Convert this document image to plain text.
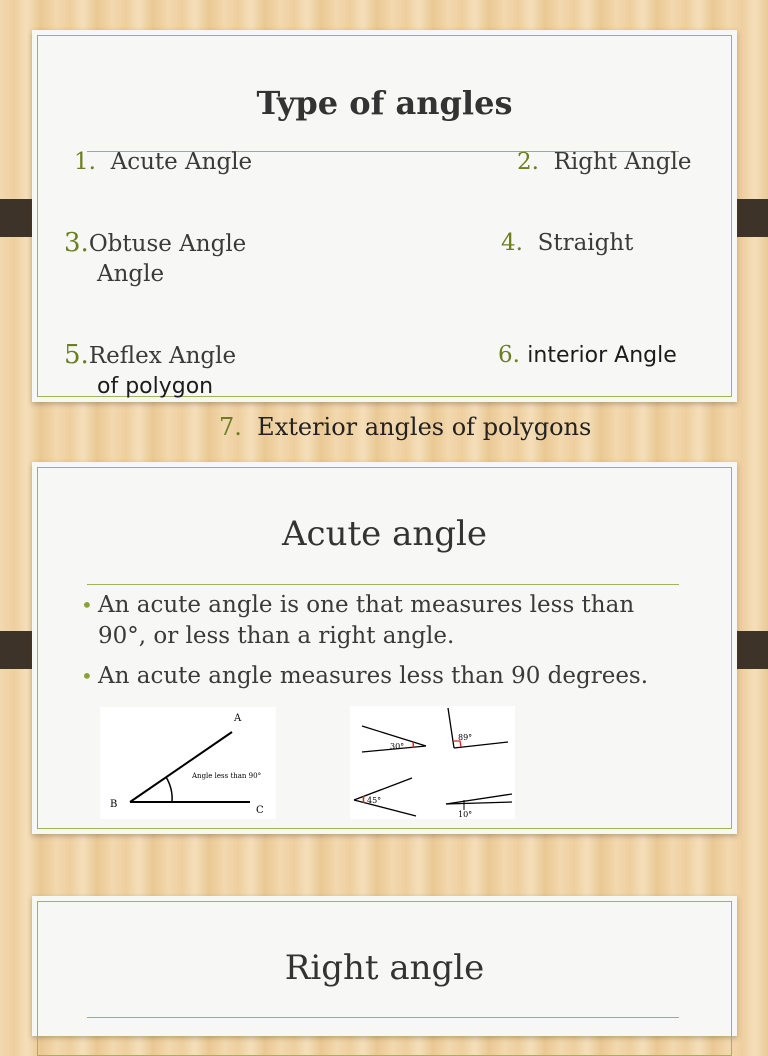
Type of angles
1. Acute Angle	2. Right Angle
3.Obtuse Angle
Angle
4. Straight
5.Reflex Angle
of polygon
6. interior Angle
7. Exterior angles of polygons
Acute angle
• An acute angle is one that measures less than 90°, or less than a right angle.
• An acute angle measures less than 90 degrees.
A
B
C
Angle less than 90°
30°
89°
45°
10°
Right angle
